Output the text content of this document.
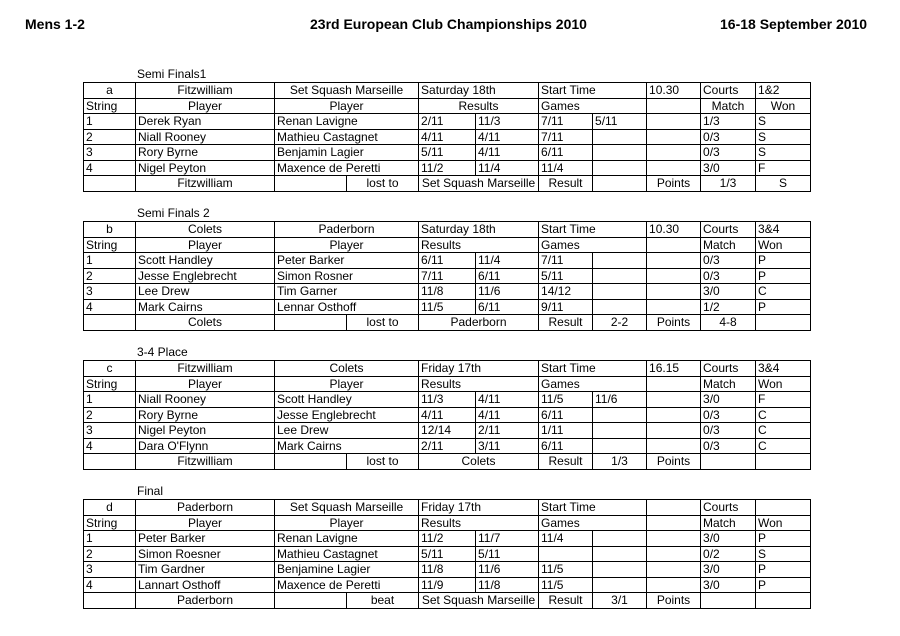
Mens 1-2	23rd European Club Championships 2010	16-18 September 2010
Semi Finals1
a	Fitzwilliam	Set Squash Marseille	Saturday 18th	Start Time	10.30	Courts	1&2
String	Player	Player	Results	Games		Match	Won
1	Derek Ryan	Renan Lavigne	2/11	11/3	7/11	5/11		1/3	S
2	Niall Rooney	Mathieu Castagnet	4/11	4/11	7/11			0/3	S
3	Rory Byrne	Benjamin Lagier	5/11	4/11	6/11			0/3	S
4	Nigel Peyton	Maxence de Peretti	11/2	11/4	11/4			3/0	F
	Fitzwilliam		lost to	Set Squash Marseille	Result		Points	1/3	S
Semi Finals 2
b	Colets	Paderborn	Saturday 18th	Start Time	10.30	Courts	3&4
String	Player	Player	Results	Games		Match	Won
1	Scott Handley	Peter Barker	6/11	11/4	7/11			0/3	P
2	Jesse Englebrecht	Simon Rosner	7/11	6/11	5/11			0/3	P
3	Lee Drew	Tim Garner	11/8	11/6	14/12			3/0	C
4	Mark Cairns	Lennar Osthoff	11/5	6/11	9/11			1/2	P
	Colets		lost to	Paderborn	Result	2-2	Points	4-8	
3-4 Place
c	Fitzwilliam	Colets	Friday 17th	Start Time	16.15	Courts	3&4
String	Player	Player	Results	Games		Match	Won
1	Niall Rooney	Scott Handley	11/3	4/11	11/5	11/6		3/0	F
2	Rory Byrne	Jesse Englebrecht	4/11	4/11	6/11			0/3	C
3	Nigel Peyton	Lee Drew	12/14	2/11	1/11			0/3	C
4	Dara O'Flynn	Mark Cairns	2/11	3/11	6/11			0/3	C
	Fitzwilliam		lost to	Colets	Result	1/3	Points		
Final
d	Paderborn	Set Squash Marseille	Friday 17th	Start Time		Courts	
String	Player	Player	Results	Games		Match	Won
1	Peter Barker	Renan Lavigne	11/2	11/7	11/4			3/0	P
2	Simon Roesner	Mathieu Castagnet	5/11	5/11				0/2	S
3	Tim Gardner	Benjamine Lagier	11/8	11/6	11/5			3/0	P
4	Lannart Osthoff	Maxence de Peretti	11/9	11/8	11/5			3/0	P
	Paderborn		beat	Set Squash Marseille	Result	3/1	Points		
